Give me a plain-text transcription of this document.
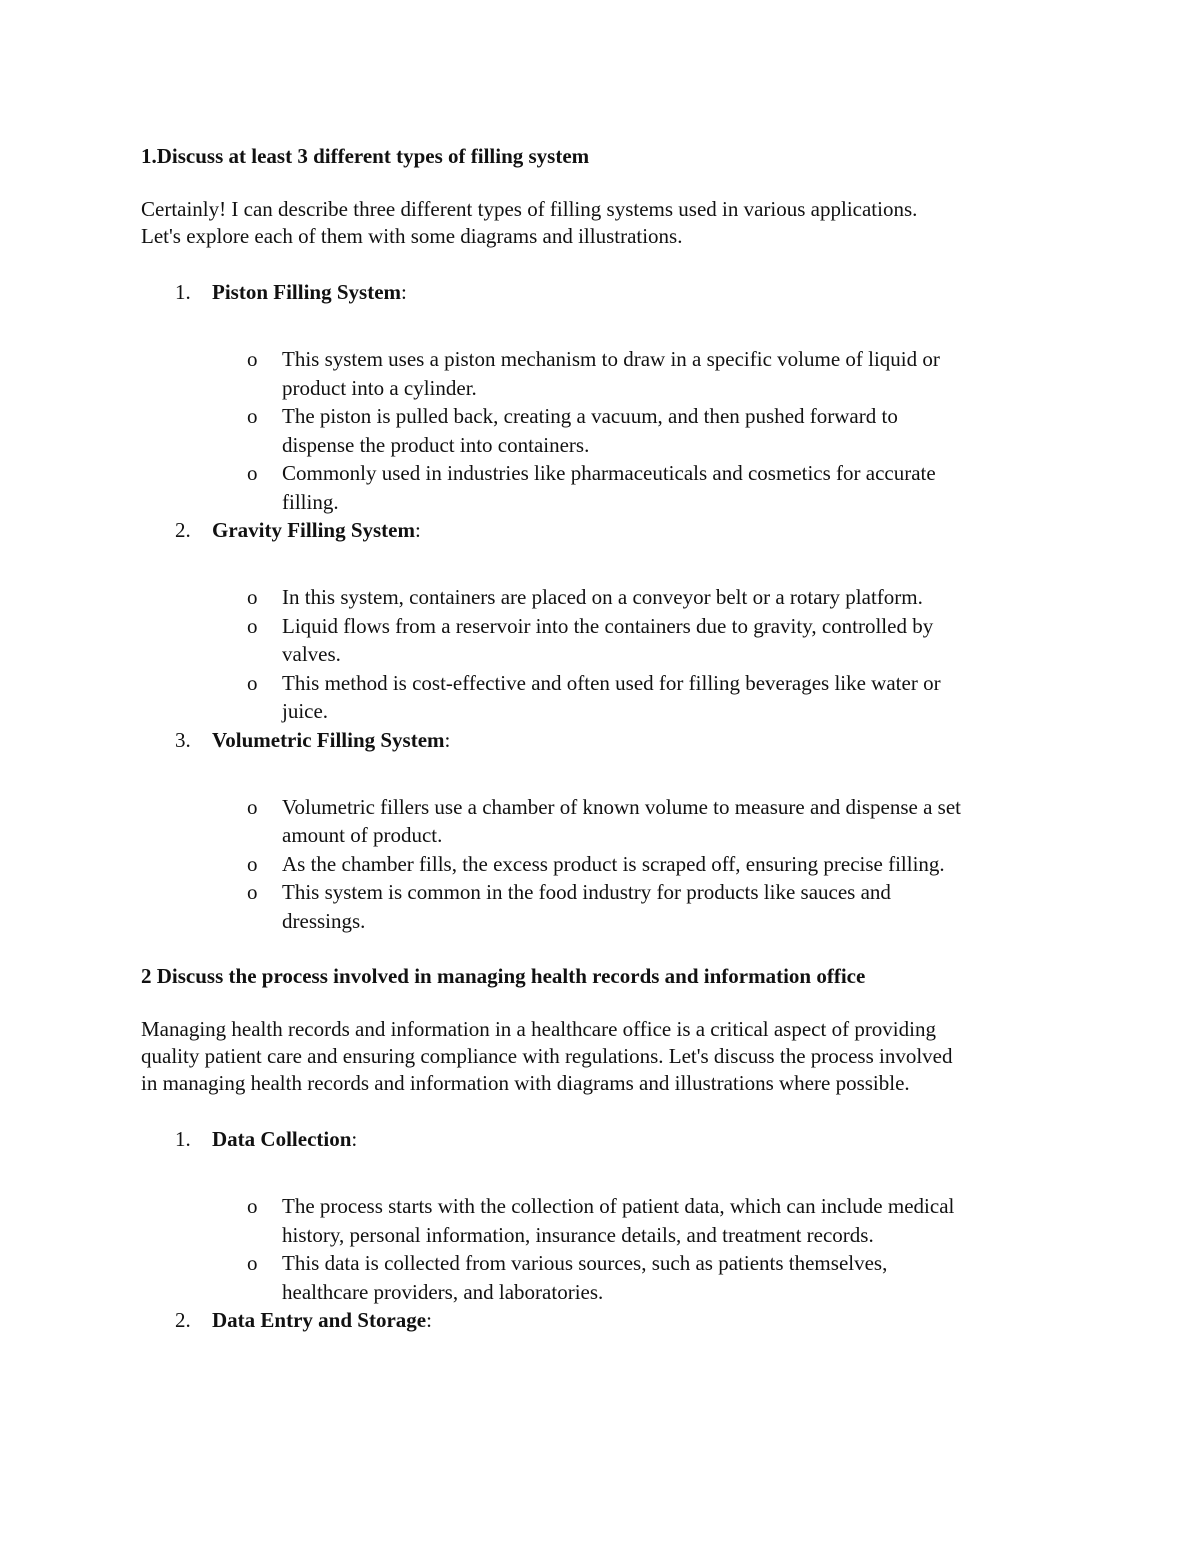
1.Discuss at least 3 different types of filling system

Certainly! I can describe three different types of filling systems used in various applications.
Let's explore each of them with some diagrams and illustrations.

1. Piston Filling System:
o This system uses a piston mechanism to draw in a specific volume of liquid or
product into a cylinder.
o The piston is pulled back, creating a vacuum, and then pushed forward to
dispense the product into containers.
o Commonly used in industries like pharmaceuticals and cosmetics for accurate
filling.
2. Gravity Filling System:
o In this system, containers are placed on a conveyor belt or a rotary platform.
o Liquid flows from a reservoir into the containers due to gravity, controlled by
valves.
o This method is cost-effective and often used for filling beverages like water or
juice.
3. Volumetric Filling System:
o Volumetric fillers use a chamber of known volume to measure and dispense a set
amount of product.
o As the chamber fills, the excess product is scraped off, ensuring precise filling.
o This system is common in the food industry for products like sauces and
dressings.

2 Discuss the process involved in managing health records and information office

Managing health records and information in a healthcare office is a critical aspect of providing
quality patient care and ensuring compliance with regulations. Let's discuss the process involved
in managing health records and information with diagrams and illustrations where possible.

1. Data Collection:
o The process starts with the collection of patient data, which can include medical
history, personal information, insurance details, and treatment records.
o This data is collected from various sources, such as patients themselves,
healthcare providers, and laboratories.
2. Data Entry and Storage:
